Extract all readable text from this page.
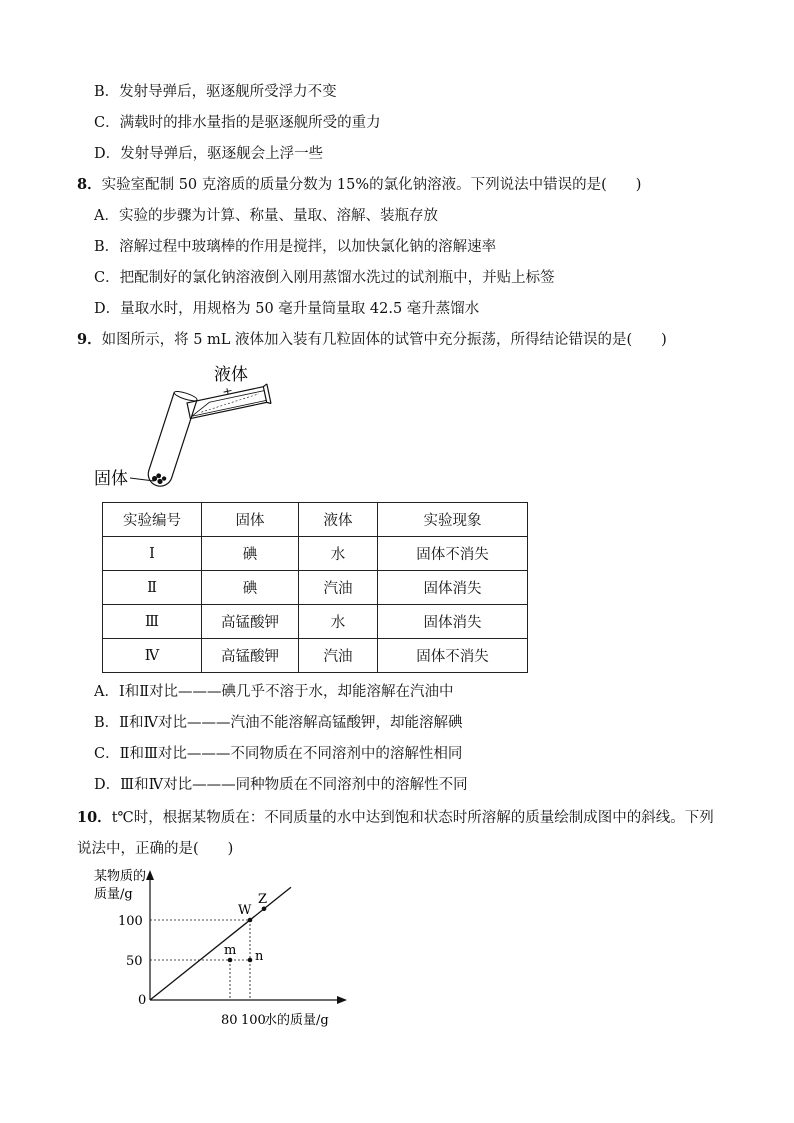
B．发射导弹后，驱逐舰所受浮力不变
C．满载时的排水量指的是驱逐舰所受的重力
D．发射导弹后，驱逐舰会上浮一些
8．实验室配制 50 克溶质的质量分数为 15%的氯化钠溶液。下列说法中错误的是(　　)
A．实验的步骤为计算、称量、量取、溶解、装瓶存放
B．溶解过程中玻璃棒的作用是搅拌，以加快氯化钠的溶解速率
C．把配制好的氯化钠溶液倒入刚用蒸馏水洗过的试剂瓶中，并贴上标签
D．量取水时，用规格为 50 毫升量筒量取 42.5 毫升蒸馏水
9．如图所示，将 5 mL 液体加入装有几粒固体的试管中充分振荡，所得结论错误的是(　　)
液体
固体
实验编号	固体	液体	实验现象
Ⅰ	碘	水	固体不消失
Ⅱ	碘	汽油	固体消失
Ⅲ	高锰酸钾	水	固体消失
Ⅳ	高锰酸钾	汽油	固体不消失
A．Ⅰ和Ⅱ对比———碘几乎不溶于水，却能溶解在汽油中
B．Ⅱ和Ⅳ对比———汽油不能溶解高锰酸钾，却能溶解碘
C．Ⅱ和Ⅲ对比———不同物质在不同溶剂中的溶解性相同
D．Ⅲ和Ⅳ对比———同种物质在不同溶剂中的溶解性不同
10．t℃时，根据某物质在：不同质量的水中达到饱和状态时所溶解的质量绘制成图中的斜线。下列
说法中，正确的是(　　)
某物质的
质量/g
0
80 100
50
100
W
Z
m n
水的质量/g
